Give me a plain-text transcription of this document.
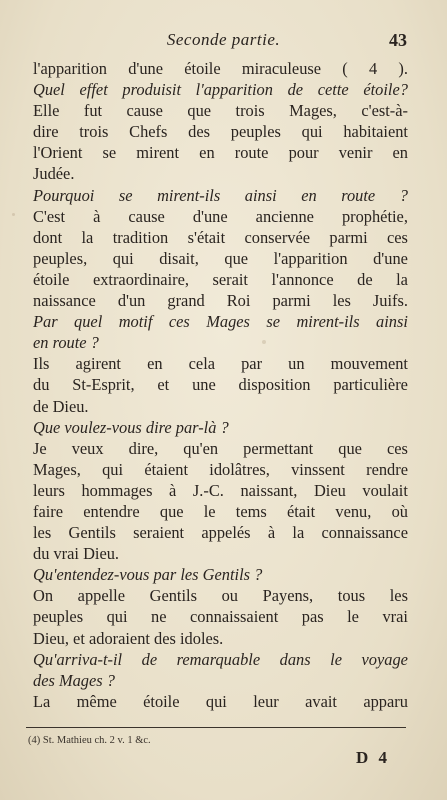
Seconde partie.	43
l'apparition d'une étoile miraculeuse ( 4 ).
Quel effet produisit l'apparition de cette étoile?
Elle fut cause que trois Mages, c'est-à-
dire trois Chefs des peuples qui habitaient
l'Orient se mirent en route pour venir en
Judée.
Pourquoi se mirent-ils ainsi en route ?
C'est à cause d'une ancienne prophétie,
dont la tradition s'était conservée parmi ces
peuples, qui disait, que l'apparition d'une
étoile extraordinaire, serait l'annonce de la
naissance d'un grand Roi parmi les Juifs.
Par quel motif ces Mages se mirent-ils ainsi
en route ?
Ils agirent en cela par un mouvement
du St-Esprit, et une disposition particulière
de Dieu.
Que voulez-vous dire par-là ?
Je veux dire, qu'en permettant que ces
Mages, qui étaient idolâtres, vinssent rendre
leurs hommages à J.-C. naissant, Dieu voulait
faire entendre que le tems était venu, où
les Gentils seraient appelés à la connaissance
du vrai Dieu.
Qu'entendez-vous par les Gentils ?
On appelle Gentils ou Payens, tous les
peuples qui ne connaissaient pas le vrai
Dieu, et adoraient des idoles.
Qu'arriva-t-il de remarquable dans le voyage
des Mages ?
La même étoile qui leur avait apparu
(4) St. Mathieu ch. 2 v. 1 &c.
D 4
